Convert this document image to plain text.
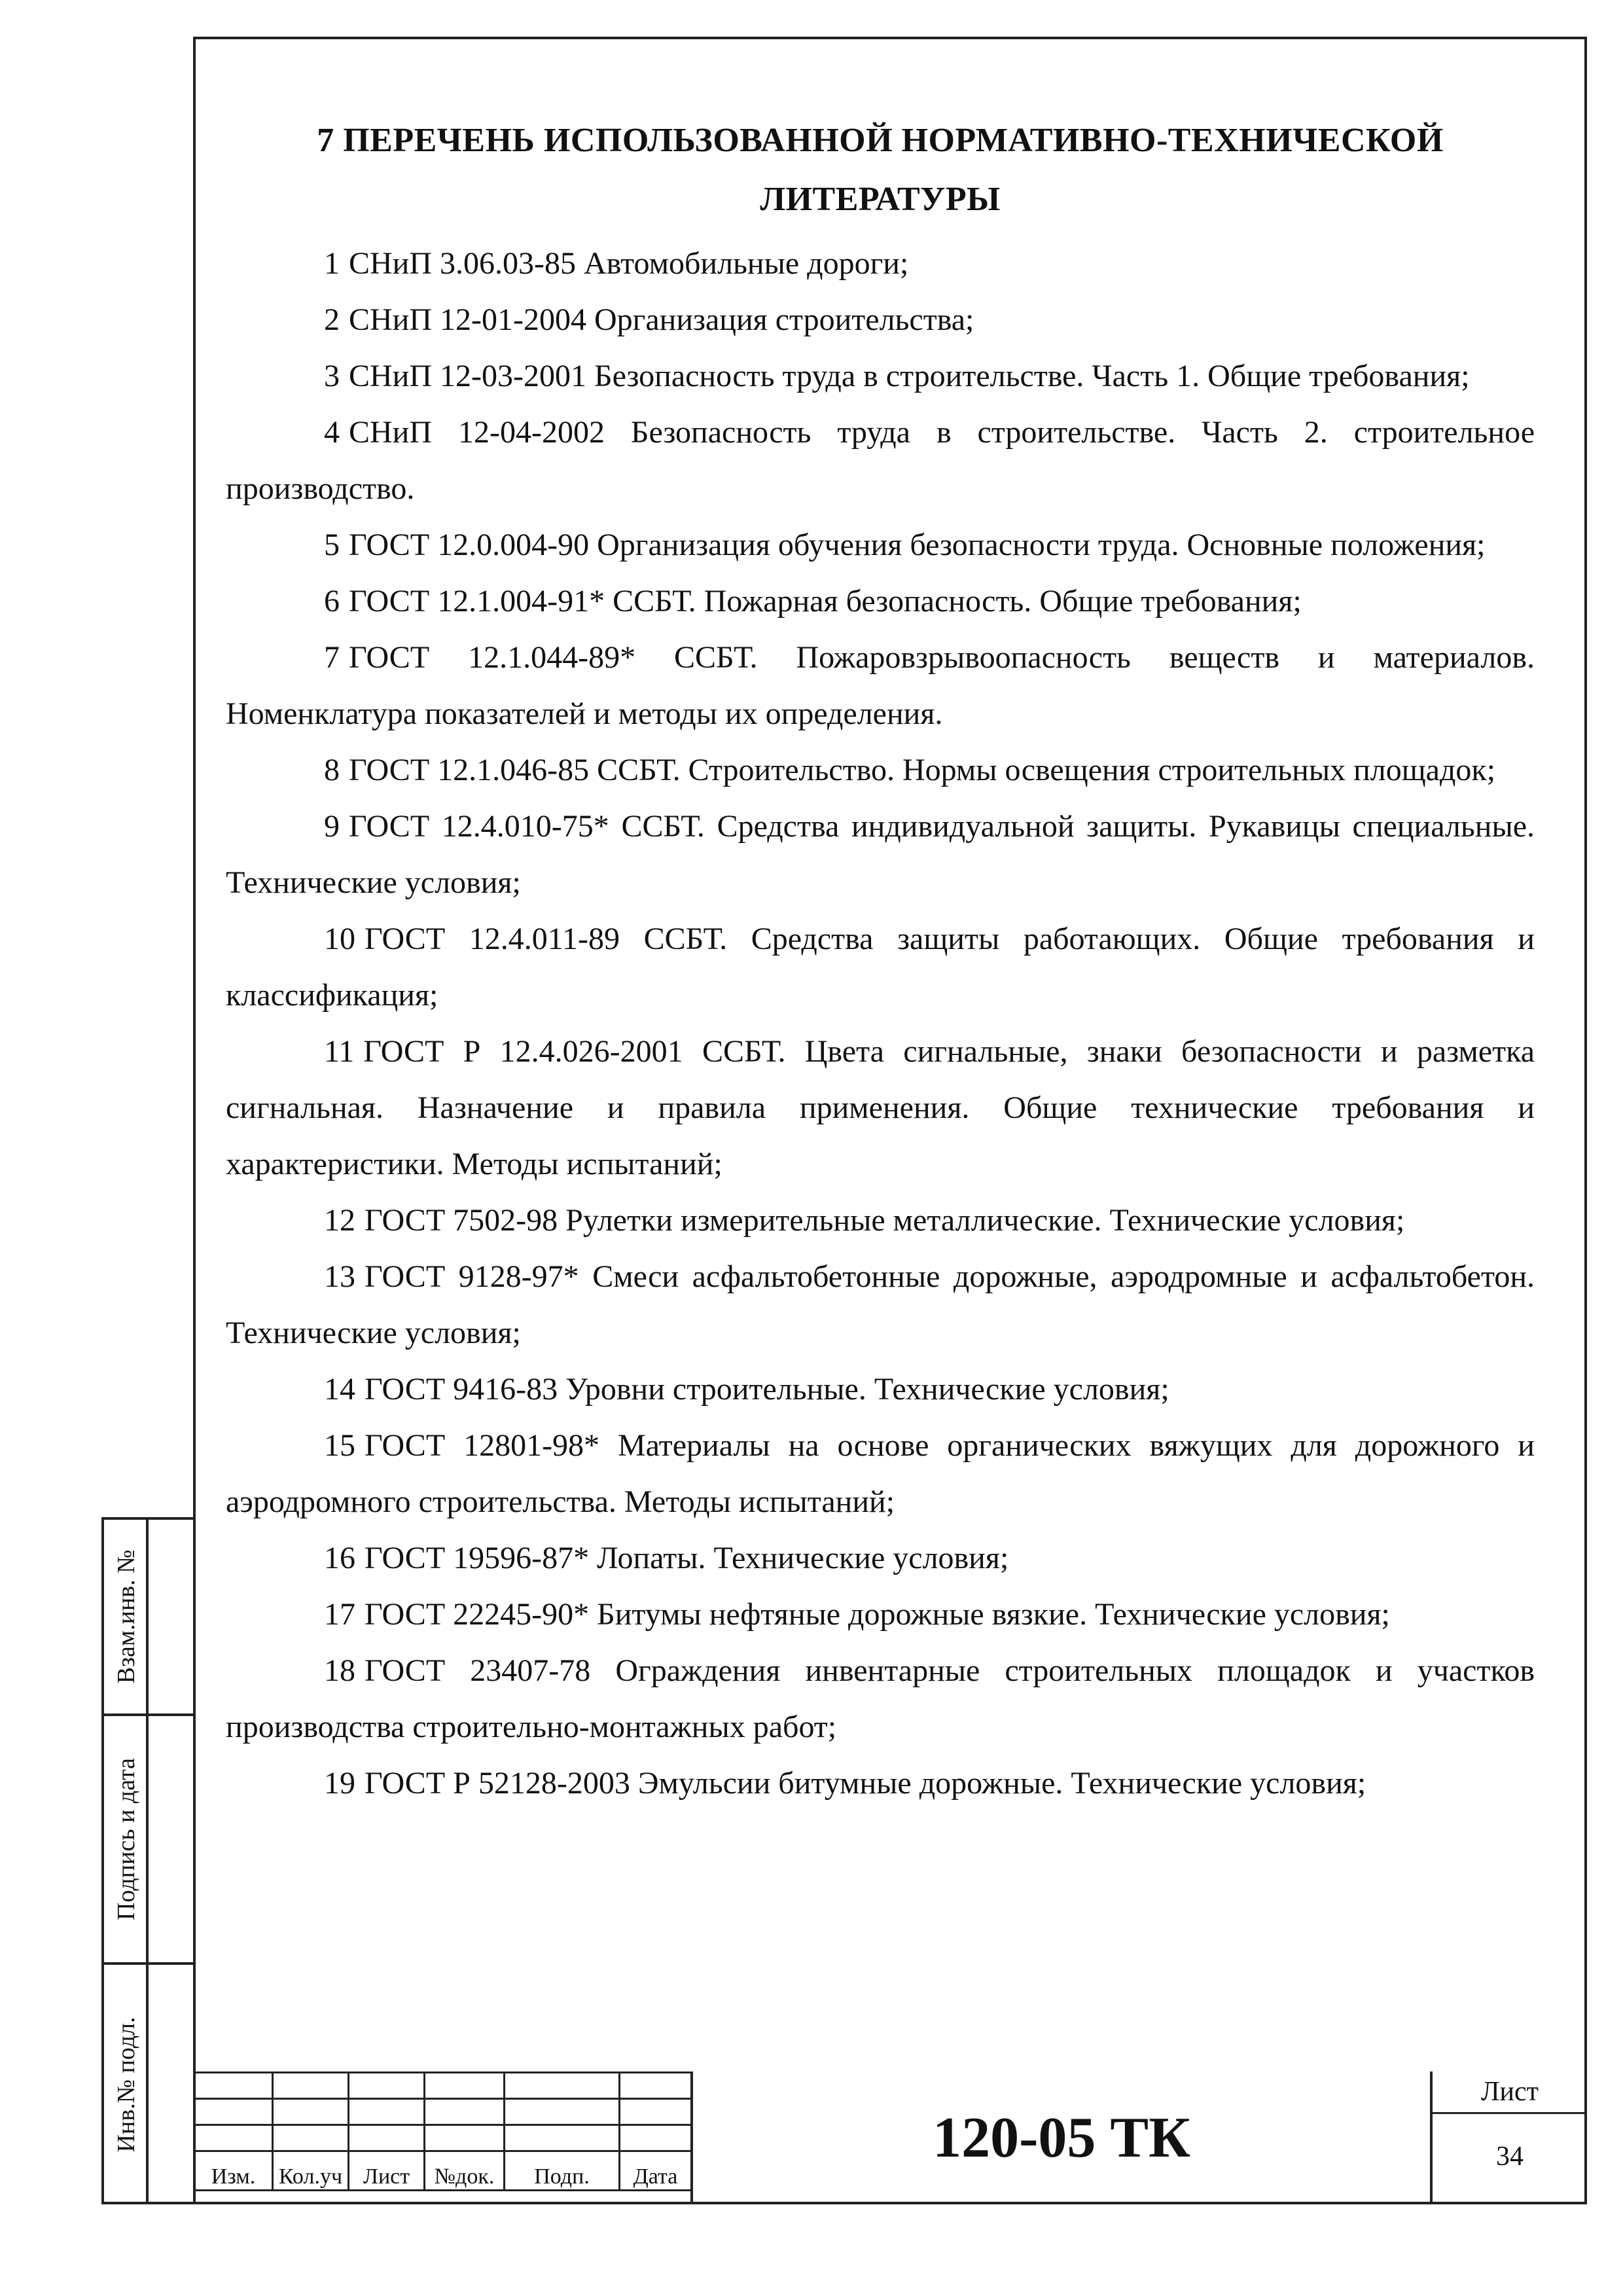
Взам.инв. №
Подпись и дата
Инв.№ подл.
7 ПЕРЕЧЕНЬ ИСПОЛЬЗОВАННОЙ НОРМАТИВНО-ТЕХНИЧЕСКОЙ
ЛИТЕРАТУРЫ

1 СНиП 3.06.03-85 Автомобильные дороги;

2 СНиП 12-01-2004 Организация строительства;

3 СНиП 12-03-2001 Безопасность труда в строительстве. Часть 1. Общие требования;

4 СНиП 12-04-2002 Безопасность труда в строительстве. Часть 2. строительное производство.

5 ГОСТ 12.0.004-90 Организация обучения безопасности труда. Основные положения;

6 ГОСТ 12.1.004-91* ССБТ. Пожарная безопасность. Общие требования;

7 ГОСТ 12.1.044-89* ССБТ. Пожаровзрывоопасность веществ и материалов. Номенклатура показателей и методы их определения.

8 ГОСТ 12.1.046-85 ССБТ. Строительство. Нормы освещения строительных площадок;

9 ГОСТ 12.4.010-75* ССБТ. Средства индивидуальной защиты. Рукавицы специальные. Технические условия;

10 ГОСТ 12.4.011-89 ССБТ. Средства защиты работающих. Общие требования и классификация;

11 ГОСТ Р 12.4.026-2001 ССБТ. Цвета сигнальные, знаки безопасности и разметка сигнальная. Назначение и правила применения. Общие технические требования и характеристики. Методы испытаний;

12 ГОСТ 7502-98 Рулетки измерительные металлические. Технические условия;

13 ГОСТ 9128-97* Смеси асфальтобетонные дорожные, аэродромные и асфальтобетон. Технические условия;

14 ГОСТ 9416-83 Уровни строительные. Технические условия;

15 ГОСТ 12801-98* Материалы на основе органических вяжущих для дорожного и аэродромного строительства. Методы испытаний;

16 ГОСТ 19596-87* Лопаты. Технические условия;

17 ГОСТ 22245-90* Битумы нефтяные дорожные вязкие. Технические условия;

18 ГОСТ 23407-78 Ограждения инвентарные строительных площадок и участков производства строительно-монтажных работ;

19 ГОСТ Р 52128-2003 Эмульсии битумные дорожные. Технические условия;

Изм.	Кол.уч	Лист	№док.	Подп.	Дата
120-05 ТК
Лист
34
